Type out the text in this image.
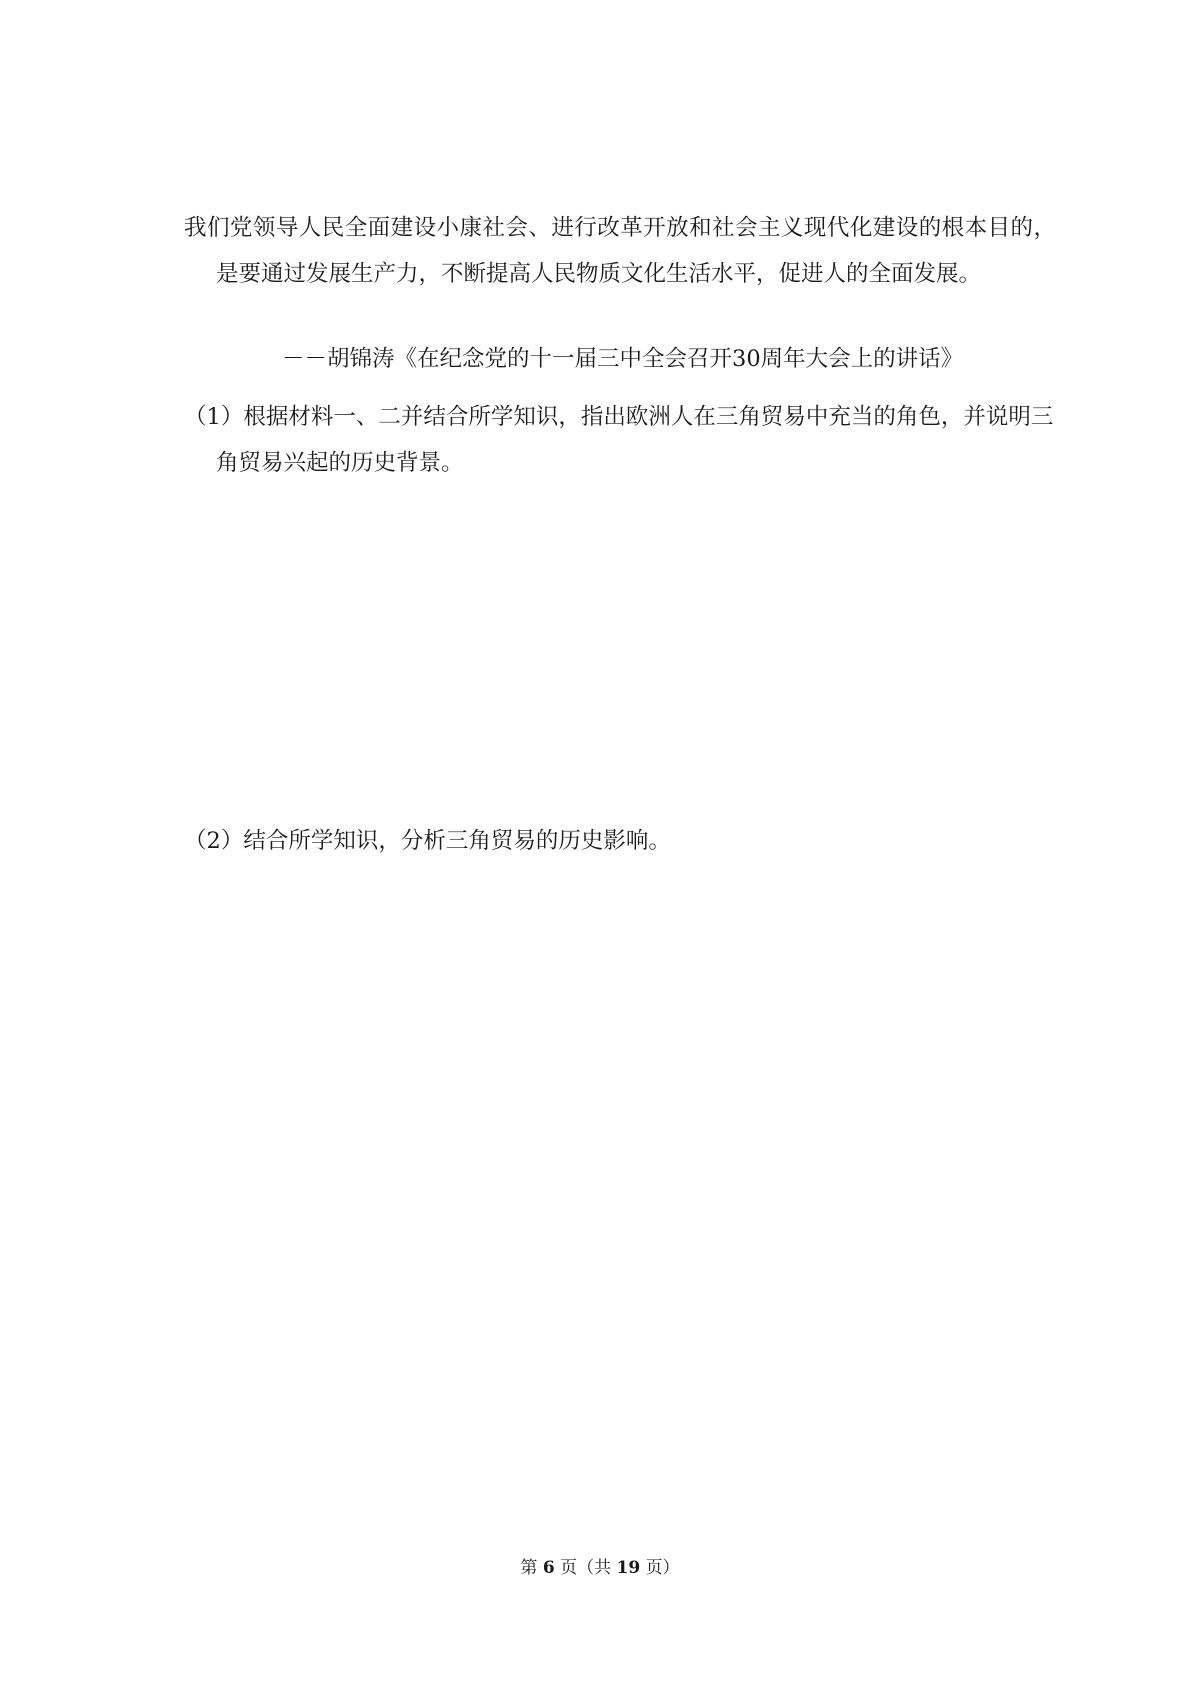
我们党领导人民全面建设小康社会、进行改革开放和社会主义现代化建设的根本目的，是要通过发展生产力，不断提高人民物质文化生活水平，促进人的全面发展。

－－胡锦涛《在纪念党的十一届三中全会召开30周年大会上的讲话》

（1）根据材料一、二并结合所学知识，指出欧洲人在三角贸易中充当的角色，并说明三角贸易兴起的历史背景。

（2）结合所学知识，分析三角贸易的历史影响。
第 6 页（共 19 页）
